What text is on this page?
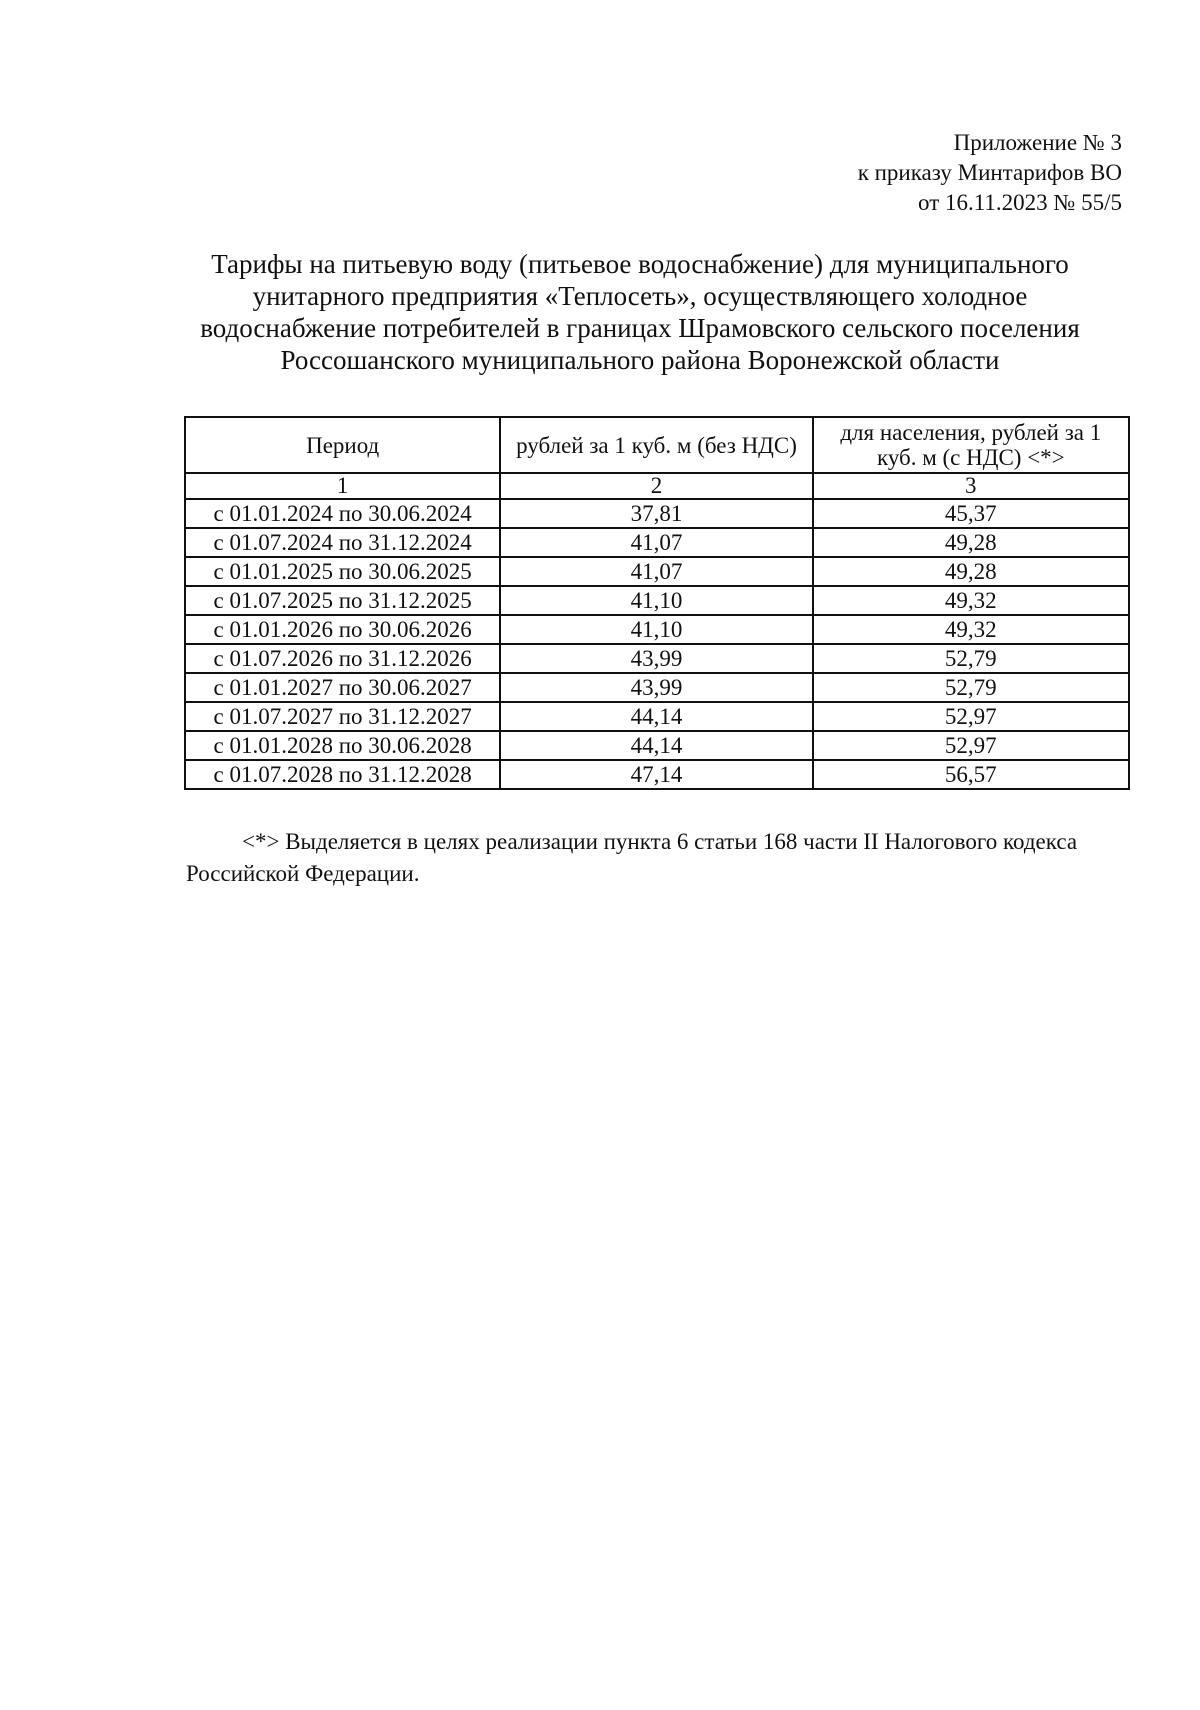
Приложение № 3
к приказу Минтарифов ВО
от 16.11.2023 № 55/5
Тарифы на питьевую воду (питьевое водоснабжение) для муниципального
унитарного предприятия «Теплосеть», осуществляющего холодное
водоснабжение потребителей в границах Шрамовского сельского поселения
Россошанского муниципального района Воронежской области
Период	рублей за 1 куб. м (без НДС)	для населения, рублей за 1 куб. м (с НДС) <*>
1	2	3
с 01.01.2024 по 30.06.2024	37,81	45,37
с 01.07.2024 по 31.12.2024	41,07	49,28
с 01.01.2025 по 30.06.2025	41,07	49,28
с 01.07.2025 по 31.12.2025	41,10	49,32
с 01.01.2026 по 30.06.2026	41,10	49,32
с 01.07.2026 по 31.12.2026	43,99	52,79
с 01.01.2027 по 30.06.2027	43,99	52,79
с 01.07.2027 по 31.12.2027	44,14	52,97
с 01.01.2028 по 30.06.2028	44,14	52,97
с 01.07.2028 по 31.12.2028	47,14	56,57
<*> Выделяется в целях реализации пункта 6 статьи 168 части II Налогового кодекса
Российской Федерации.
